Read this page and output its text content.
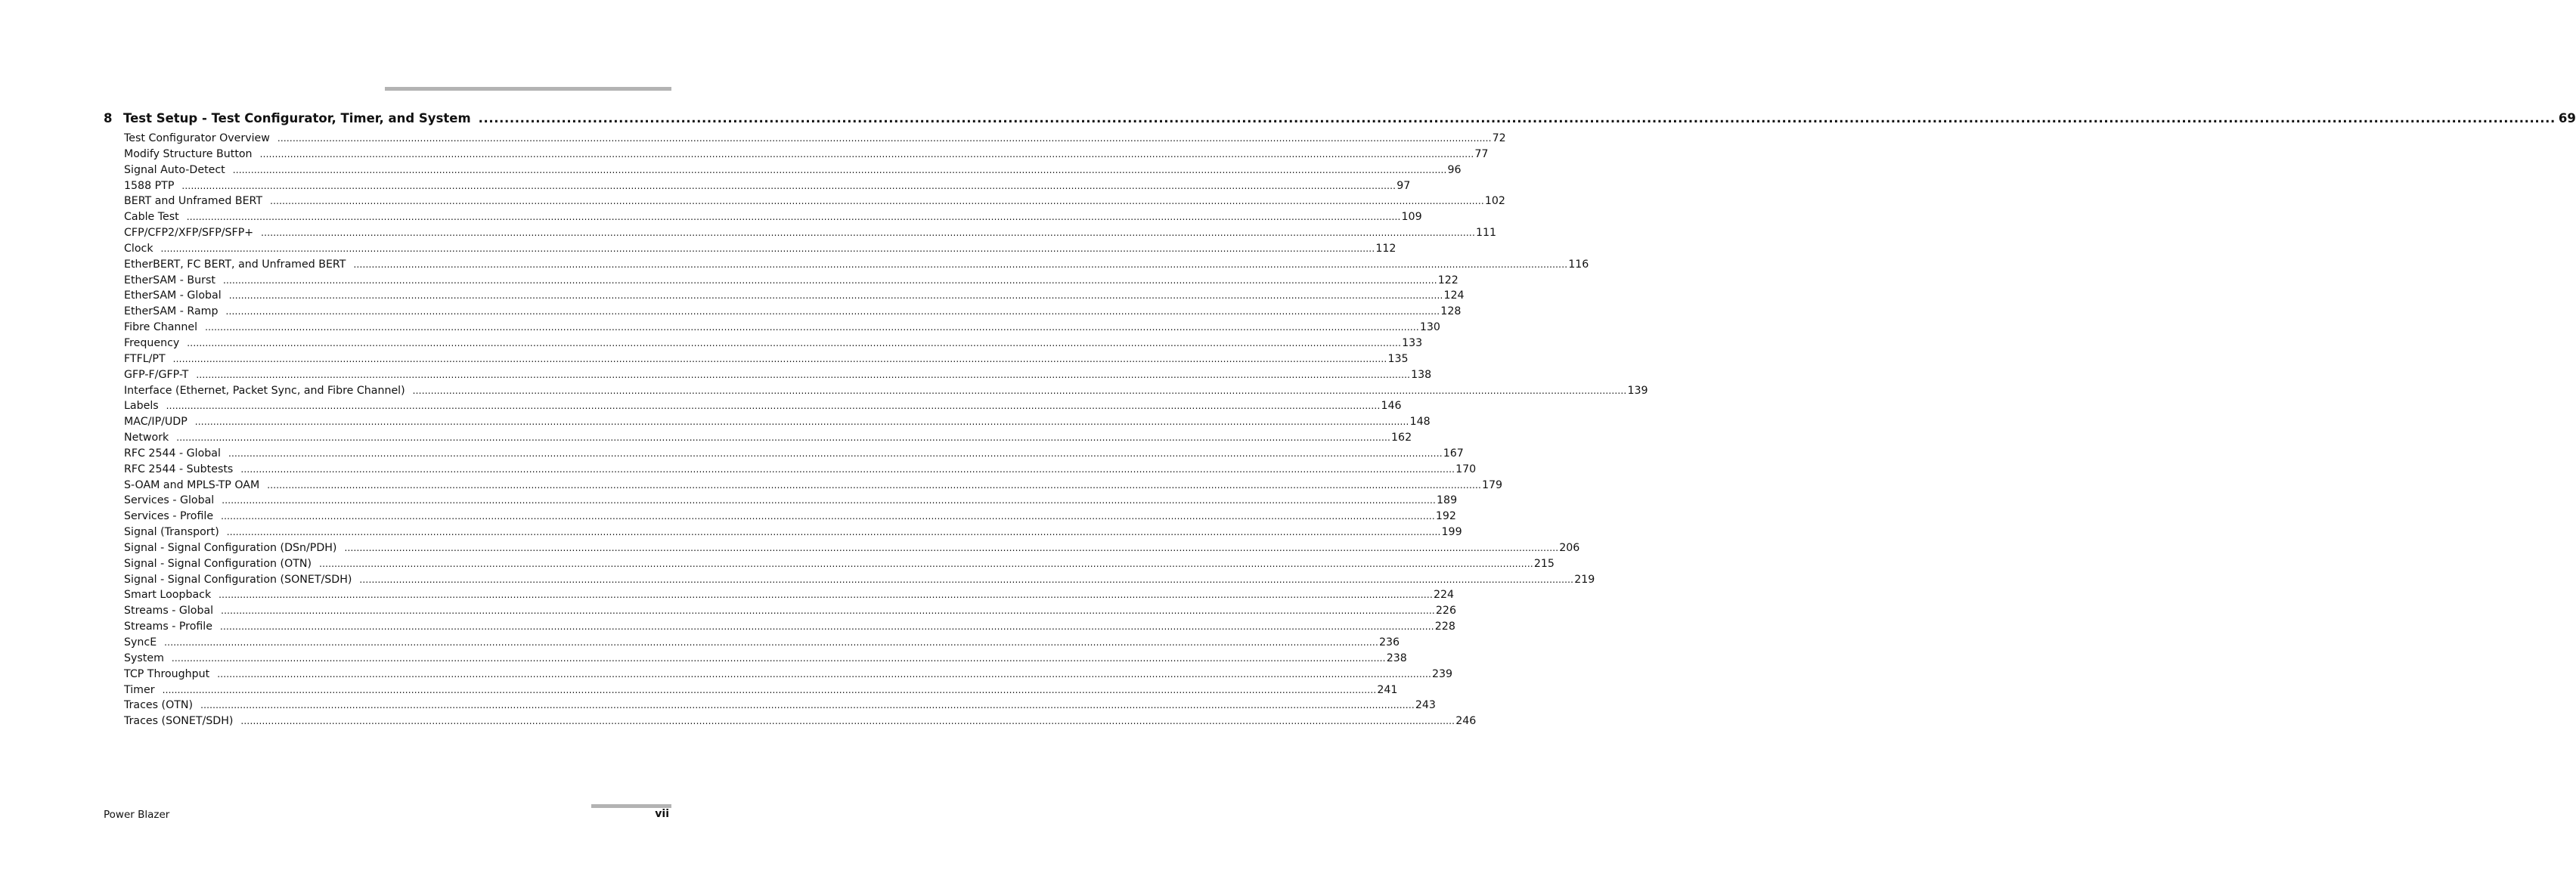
8 Test Setup - Test Configurator, Timer, and System ................................................................................................................................................................................................................................................................................................................................................................................................................ 69
Test Configurator Overview ................................................................................................................................................................................................................................................................................................................................................................................................................ 72
Modify Structure Button ................................................................................................................................................................................................................................................................................................................................................................................................................ 77
Signal Auto-Detect ................................................................................................................................................................................................................................................................................................................................................................................................................ 96
1588 PTP ................................................................................................................................................................................................................................................................................................................................................................................................................ 97
BERT and Unframed BERT ................................................................................................................................................................................................................................................................................................................................................................................................................ 102
Cable Test ................................................................................................................................................................................................................................................................................................................................................................................................................ 109
CFP/CFP2/XFP/SFP/SFP+ ................................................................................................................................................................................................................................................................................................................................................................................................................ 111
Clock ................................................................................................................................................................................................................................................................................................................................................................................................................ 112
EtherBERT, FC BERT, and Unframed BERT ................................................................................................................................................................................................................................................................................................................................................................................................................ 116
EtherSAM - Burst ................................................................................................................................................................................................................................................................................................................................................................................................................ 122
EtherSAM - Global ................................................................................................................................................................................................................................................................................................................................................................................................................ 124
EtherSAM - Ramp ................................................................................................................................................................................................................................................................................................................................................................................................................ 128
Fibre Channel ................................................................................................................................................................................................................................................................................................................................................................................................................ 130
Frequency ................................................................................................................................................................................................................................................................................................................................................................................................................ 133
FTFL/PT ................................................................................................................................................................................................................................................................................................................................................................................................................ 135
GFP-F/GFP-T ................................................................................................................................................................................................................................................................................................................................................................................................................ 138
Interface (Ethernet, Packet Sync, and Fibre Channel) ................................................................................................................................................................................................................................................................................................................................................................................................................ 139
Labels ................................................................................................................................................................................................................................................................................................................................................................................................................ 146
MAC/IP/UDP ................................................................................................................................................................................................................................................................................................................................................................................................................ 148
Network ................................................................................................................................................................................................................................................................................................................................................................................................................ 162
RFC 2544 - Global ................................................................................................................................................................................................................................................................................................................................................................................................................ 167
RFC 2544 - Subtests ................................................................................................................................................................................................................................................................................................................................................................................................................ 170
S-OAM and MPLS-TP OAM ................................................................................................................................................................................................................................................................................................................................................................................................................ 179
Services - Global ................................................................................................................................................................................................................................................................................................................................................................................................................ 189
Services - Profile ................................................................................................................................................................................................................................................................................................................................................................................................................ 192
Signal (Transport) ................................................................................................................................................................................................................................................................................................................................................................................................................ 199
Signal - Signal Configuration (DSn/PDH) ................................................................................................................................................................................................................................................................................................................................................................................................................ 206
Signal - Signal Configuration (OTN) ................................................................................................................................................................................................................................................................................................................................................................................................................ 215
Signal - Signal Configuration (SONET/SDH) ................................................................................................................................................................................................................................................................................................................................................................................................................ 219
Smart Loopback ................................................................................................................................................................................................................................................................................................................................................................................................................ 224
Streams - Global ................................................................................................................................................................................................................................................................................................................................................................................................................ 226
Streams - Profile ................................................................................................................................................................................................................................................................................................................................................................................................................ 228
SyncE ................................................................................................................................................................................................................................................................................................................................................................................................................ 236
System ................................................................................................................................................................................................................................................................................................................................................................................................................ 238
TCP Throughput ................................................................................................................................................................................................................................................................................................................................................................................................................ 239
Timer ................................................................................................................................................................................................................................................................................................................................................................................................................ 241
Traces (OTN) ................................................................................................................................................................................................................................................................................................................................................................................................................ 243
Traces (SONET/SDH) ................................................................................................................................................................................................................................................................................................................................................................................................................ 246
Power Blazer	vii
